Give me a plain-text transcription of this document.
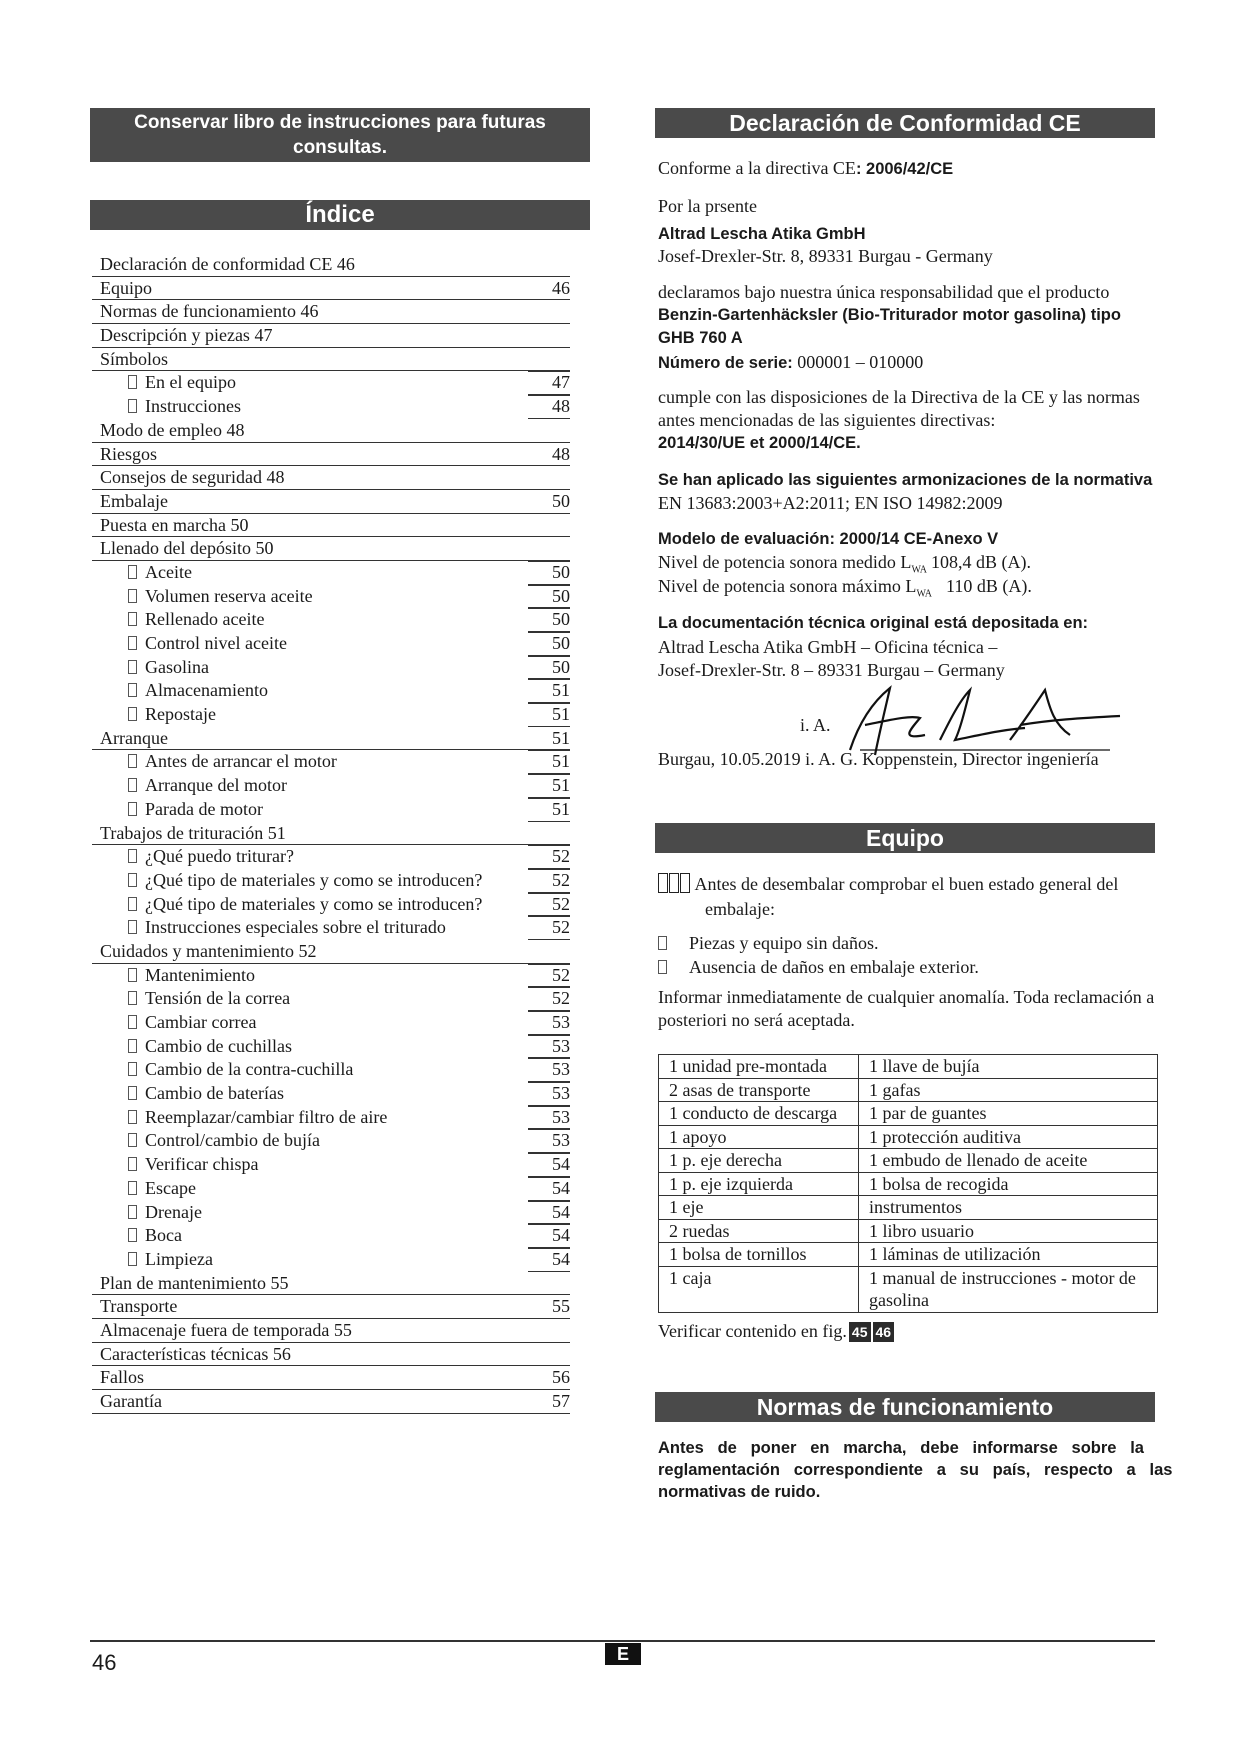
Conservar libro de instrucciones para futuras consultas.
Índice
Declaración de conformidad CE 46
Equipo	46
Normas de funcionamiento 46
Descripción y piezas 47
Símbolos
En el equipo	47
Instrucciones	48
Modo de empleo 48
Riesgos	48
Consejos de seguridad 48
Embalaje	50
Puesta en marcha 50
Llenado del depósito 50
Aceite	50
Volumen reserva aceite	50
Rellenado aceite	50
Control nivel aceite	50
Gasolina	50
Almacenamiento	51
Repostaje	51
Arranque	51
Antes de arrancar el motor	51
Arranque del motor	51
Parada de motor	51
Trabajos de trituración 51
¿Qué puedo triturar?	52
¿Qué tipo de materiales y como se introducen?	52
¿Qué tipo de materiales y como se introducen?	52
Instrucciones especiales sobre el triturado	52
Cuidados y mantenimiento 52
Mantenimiento	52
Tensión de la correa	52
Cambiar correa	53
Cambio de cuchillas	53
Cambio de la contra-cuchilla	53
Cambio de baterías	53
Reemplazar/cambiar filtro de aire	53
Control/cambio de bujía	53
Verificar chispa	54
Escape	54
Drenaje	54
Boca	54
Limpieza	54
Plan de mantenimiento 55
Transporte	55
Almacenaje fuera de temporada 55
Características técnicas 56
Fallos	56
Garantía	57
Declaración de Conformidad CE
Conforme a la directiva CE: 2006/42/CE
Por la prsente
Altrad Lescha Atika GmbH
Josef-Drexler-Str. 8, 89331 Burgau - Germany
declaramos bajo nuestra única responsabilidad que el producto
Benzin-Gartenhäcksler (Bio-Triturador motor gasolina) tipo
GHB 760 A
Número de serie: 000001 – 010000
cumple con las disposiciones de la Directiva de la CE y las normas
antes mencionadas de las siguientes directivas:
2014/30/UE et 2000/14/CE.
Se han aplicado las siguientes armonizaciones de la normativa
EN 13683:2003+A2:2011; EN ISO 14982:2009
Modelo de evaluación: 2000/14 CE-Anexo V
Nivel de potencia sonora medido $L_{WA}$ 108,4 dB (A).
Nivel de potencia sonora máximo $L_{WA}$ 110 dB (A).
La documentación técnica original está depositada en:
Altrad Lescha Atika GmbH – Oficina técnica –
Josef-Drexler-Str. 8 – 89331 Burgau – Germany
i. A.
Burgau, 10.05.2019 i. A. G. Koppenstein, Director ingeniería
Equipo
Antes de desembalar comprobar el buen estado general del
embalaje:
Piezas y equipo sin daños.
Ausencia de daños en embalaje exterior.
Informar inmediatamente de cualquier anomalía. Toda reclamación a
posteriori no será aceptada.
1 unidad pre-montada	1 llave de bujía
2 asas de transporte	1 gafas
1 conducto de descarga	1 par de guantes
1 apoyo	1 protección auditiva
1 p. eje derecha	1 embudo de llenado de aceite
1 p. eje izquierda	1 bolsa de recogida
1 eje	instrumentos
2 ruedas	1 libro usuario
1 bolsa de tornillos	1 láminas de utilización
1 caja	1 manual de instrucciones - motor de gasolina
Verificar contenido en fig. 45 46
Normas de funcionamiento
Antes   de   poner   en   marcha,   debe   informarse   sobre   la
reglamentación   correspondiente   a   su   país,   respecto   a   las
normativas de ruido.
46	E
